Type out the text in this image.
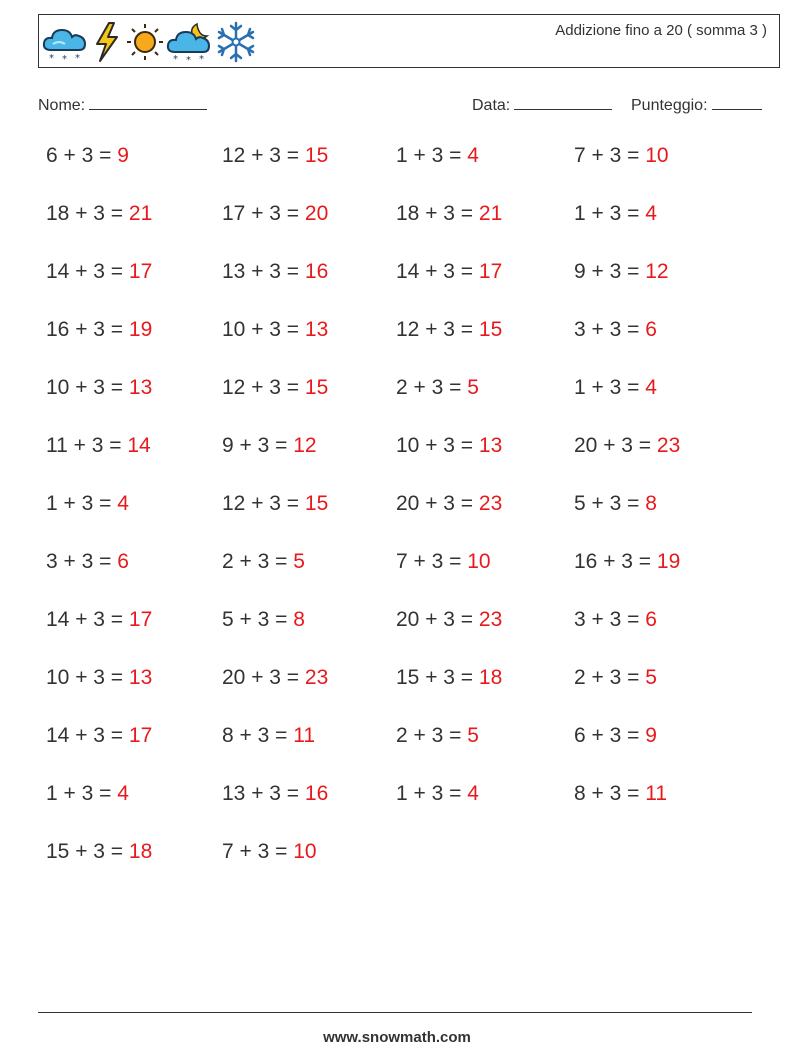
* * *	* * *
Addizione fino a 20 ( somma 3 )
Nome:	Data:	Punteggio:
6 + 3 = 9	12 + 3 = 15	1 + 3 = 4	7 + 3 = 10
18 + 3 = 21	17 + 3 = 20	18 + 3 = 21	1 + 3 = 4
14 + 3 = 17	13 + 3 = 16	14 + 3 = 17	9 + 3 = 12
16 + 3 = 19	10 + 3 = 13	12 + 3 = 15	3 + 3 = 6
10 + 3 = 13	12 + 3 = 15	2 + 3 = 5	1 + 3 = 4
11 + 3 = 14	9 + 3 = 12	10 + 3 = 13	20 + 3 = 23
1 + 3 = 4	12 + 3 = 15	20 + 3 = 23	5 + 3 = 8
3 + 3 = 6	2 + 3 = 5	7 + 3 = 10	16 + 3 = 19
14 + 3 = 17	5 + 3 = 8	20 + 3 = 23	3 + 3 = 6
10 + 3 = 13	20 + 3 = 23	15 + 3 = 18	2 + 3 = 5
14 + 3 = 17	8 + 3 = 11	2 + 3 = 5	6 + 3 = 9
1 + 3 = 4	13 + 3 = 16	1 + 3 = 4	8 + 3 = 11
15 + 3 = 18	7 + 3 = 10
www.snowmath.com
